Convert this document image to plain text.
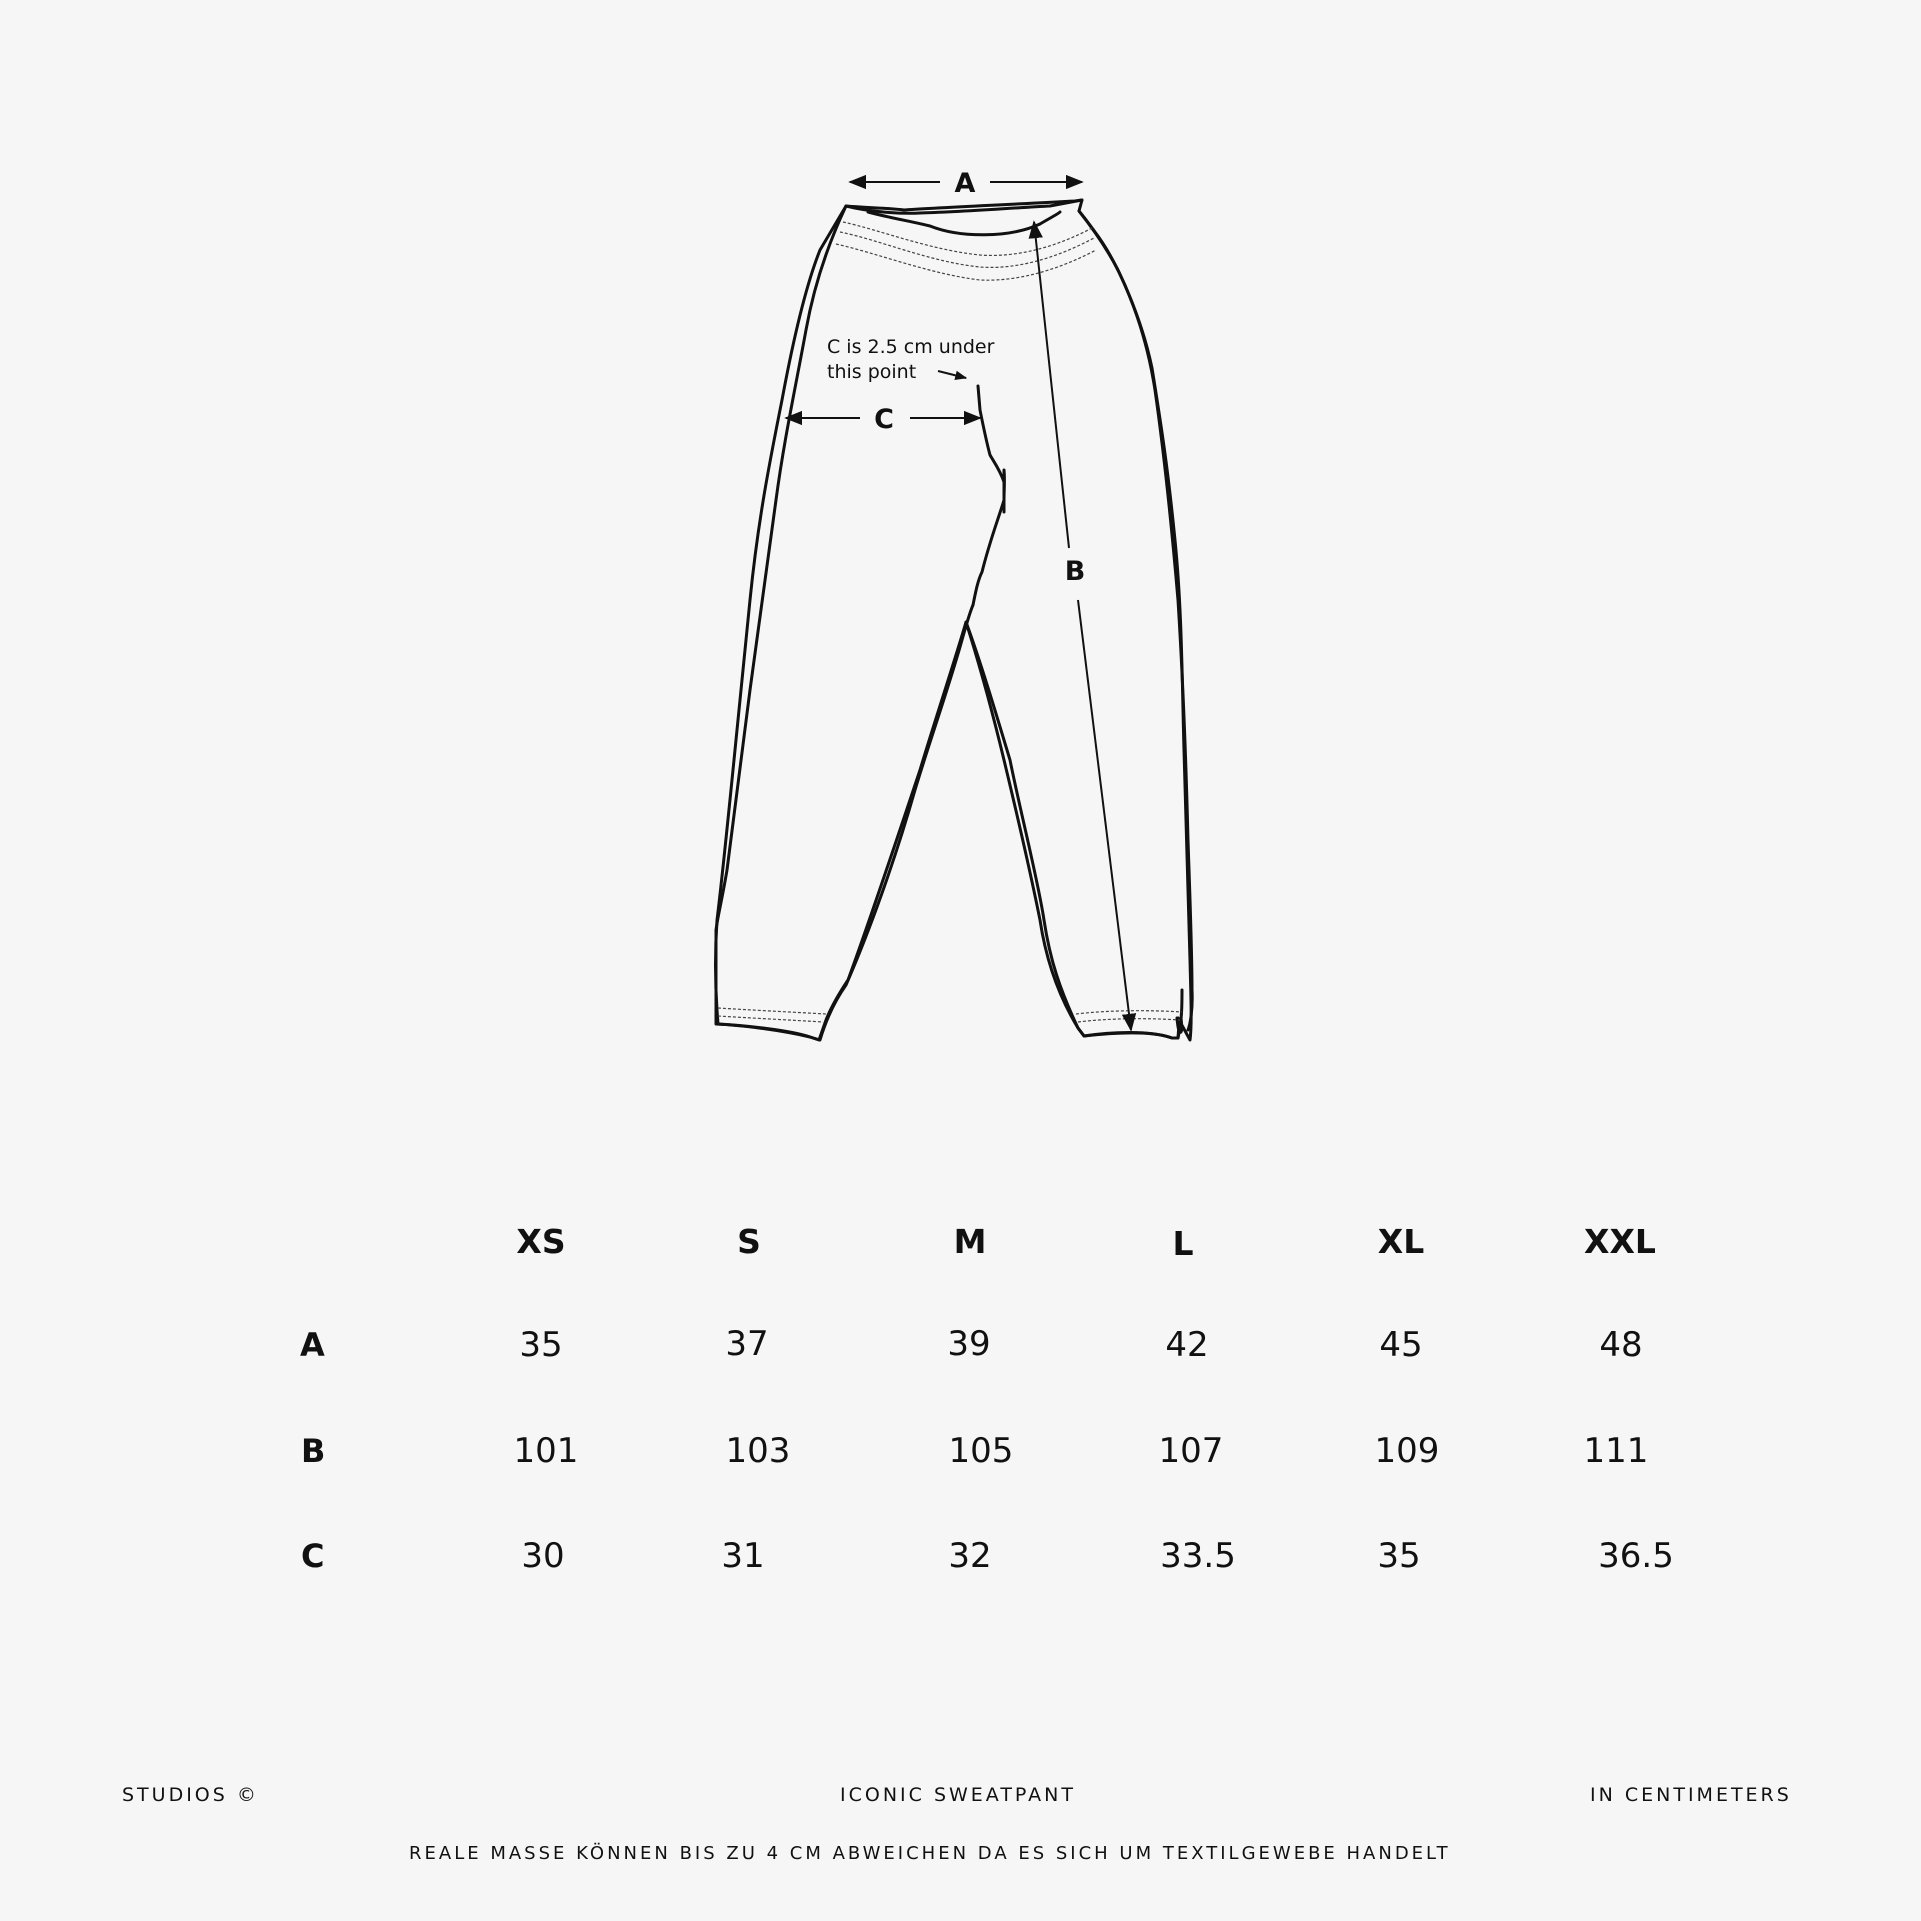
A
B
C
C is 2.5 cm under
this point
XS	S	M	L	XL	XXL
A	35	37	39	42	45	48
B	101	103	105	107	109	111
C	30	31	32	33.5	35	36.5
STUDIOS ©	ICONIC SWEATPANT	IN CENTIMETERS
REALE MASSE KÖNNEN BIS ZU 4 CM ABWEICHEN DA ES SICH UM TEXTILGEWEBE HANDELT
